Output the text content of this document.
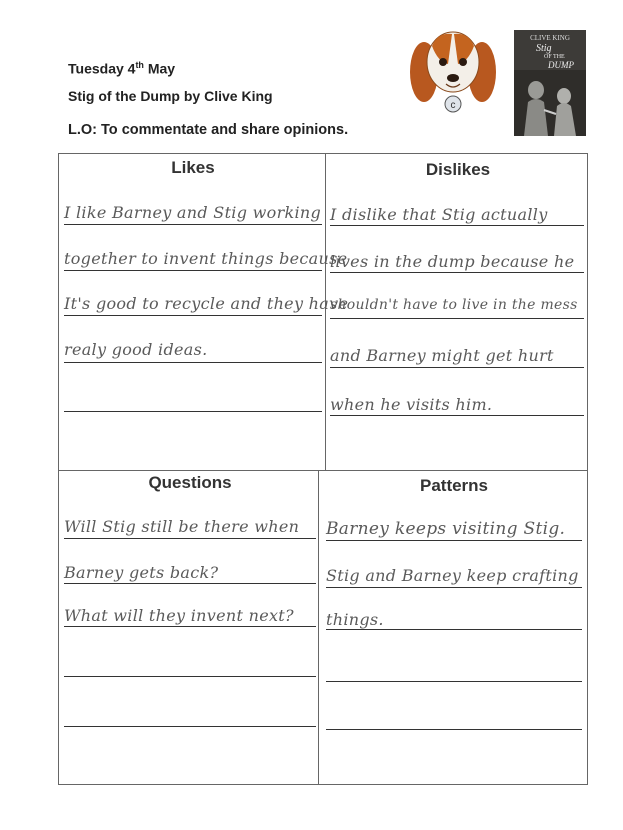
Tuesday 4th May
Stig of the Dump by Clive King
L.O: To commentate and share opinions.
c
CLIVE KING
Stig
OF THE
DUMP
Likes	Dislikes
Questions	Patterns
I like Barney and Stig working
together to invent things because
It's good to recycle and they have
realy good ideas.
I dislike that Stig actually
lives in the dump because he
shouldn't have to live in the mess
and Barney might get hurt
when he visits him.
Will Stig still be there when
Barney gets back?
What will they invent next?
Barney keeps visiting Stig.
Stig and Barney keep crafting
things.
